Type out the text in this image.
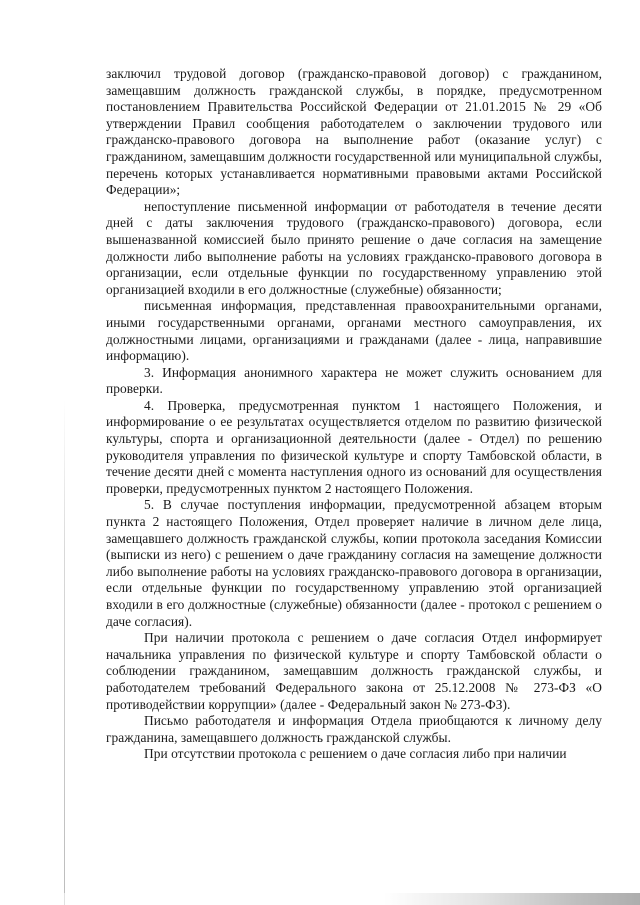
заключил трудовой договор (гражданско-правовой договор) с гражданином, замещавшим должность гражданской службы, в порядке, предусмотренном постановлением Правительства Российской Федерации от 21.01.2015 № 29 «Об утверждении Правил сообщения работодателем о заключении трудового или гражданско-правового договора на выполнение работ (оказание услуг) с гражданином, замещавшим должности государственной или муниципальной службы, перечень которых устанавливается нормативными правовыми актами Российской Федерации»;

непоступление письменной информации от работодателя в течение десяти дней с даты заключения трудового (гражданско-правового) договора, если вышеназванной комиссией было принято решение о даче согласия на замещение должности либо выполнение работы на условиях гражданско-правового договора в организации, если отдельные функции по государственному управлению этой организацией входили в его должностные (служебные) обязанности;

письменная информация, представленная правоохранительными органами, иными государственными органами, органами местного самоуправления, их должностными лицами, организациями и гражданами (далее - лица, направившие информацию).

3. Информация анонимного характера не может служить основанием для проверки.

4. Проверка, предусмотренная пунктом 1 настоящего Положения, и информирование о ее результатах осуществляется отделом по развитию физической культуры, спорта и организационной деятельности (далее - Отдел) по решению руководителя управления по физической культуре и спорту Тамбовской области, в течение десяти дней с момента наступления одного из оснований для осуществления проверки, предусмотренных пунктом 2 настоящего Положения.

5. В случае поступления информации, предусмотренной абзацем вторым пункта 2 настоящего Положения, Отдел проверяет наличие в личном деле лица, замещавшего должность гражданской службы, копии протокола заседания Комиссии (выписки из него) с решением о даче гражданину согласия на замещение должности либо выполнение работы на условиях гражданско-правового договора в организации, если отдельные функции по государственному управлению этой организацией входили в его должностные (служебные) обязанности (далее - протокол с решением о даче согласия).

При наличии протокола с решением о даче согласия Отдел информирует начальника управления по физической культуре и спорту Тамбовской области о соблюдении гражданином, замещавшим должность гражданской службы, и работодателем требований Федерального закона от 25.12.2008 № 273-ФЗ «О противодействии коррупции» (далее - Федеральный закон № 273-ФЗ).

Письмо работодателя и информация Отдела приобщаются к личному делу гражданина, замещавшего должность гражданской службы.

При отсутствии протокола с решением о даче согласия либо при наличии
